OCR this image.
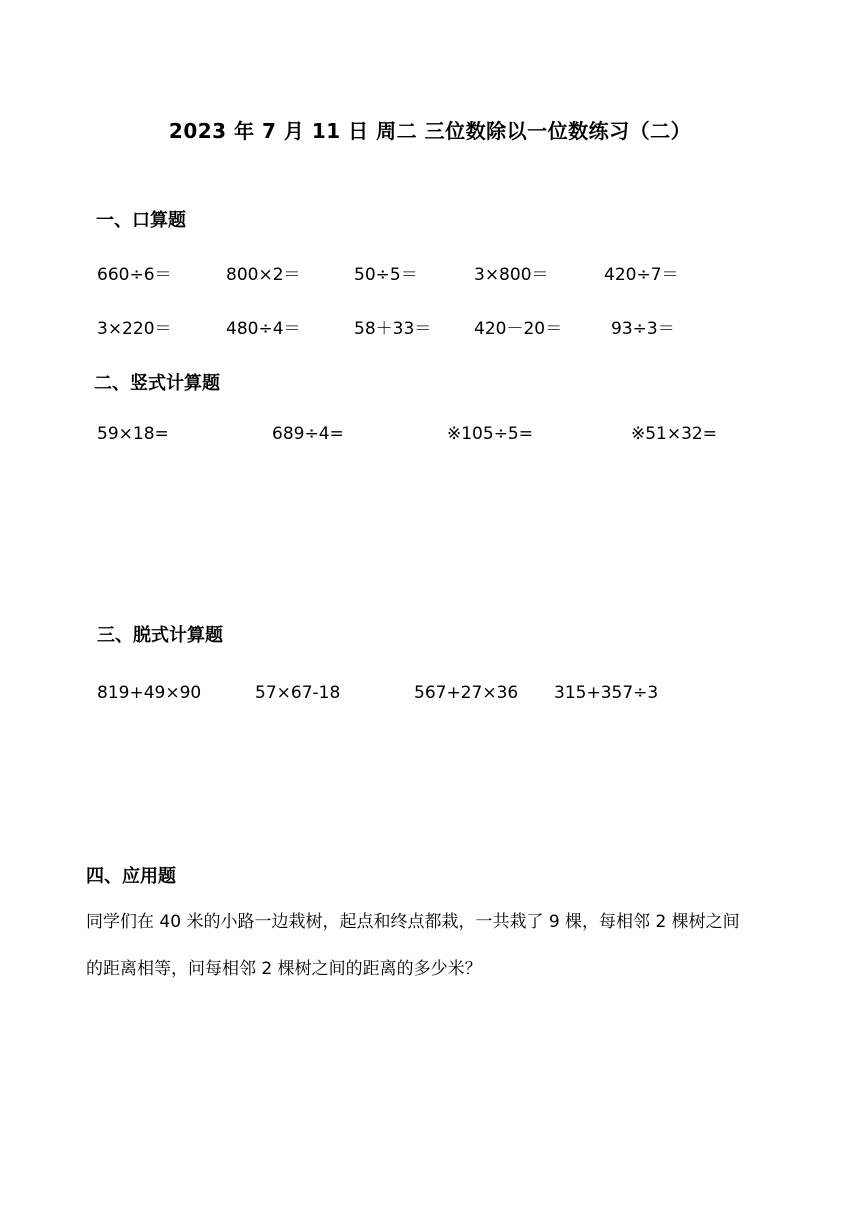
2023 年 7 月 11 日 周二 三位数除以一位数练习（二）
一、口算题
660÷6＝	800×2＝	50÷5＝	3×800＝	420÷7＝
3×220＝	480÷4＝	58＋33＝	420－20＝	93÷3＝
二、竖式计算题
59×18=	689÷4=	※105÷5=	※51×32=
三、脱式计算题
819+49×90	57×67-18	567+27×36 315+357÷3
四、应用题
同学们在 40 米的小路一边栽树，起点和终点都栽，一共栽了 9 棵，每相邻 2 棵树之间
的距离相等，问每相邻 2 棵树之间的距离的多少米？
